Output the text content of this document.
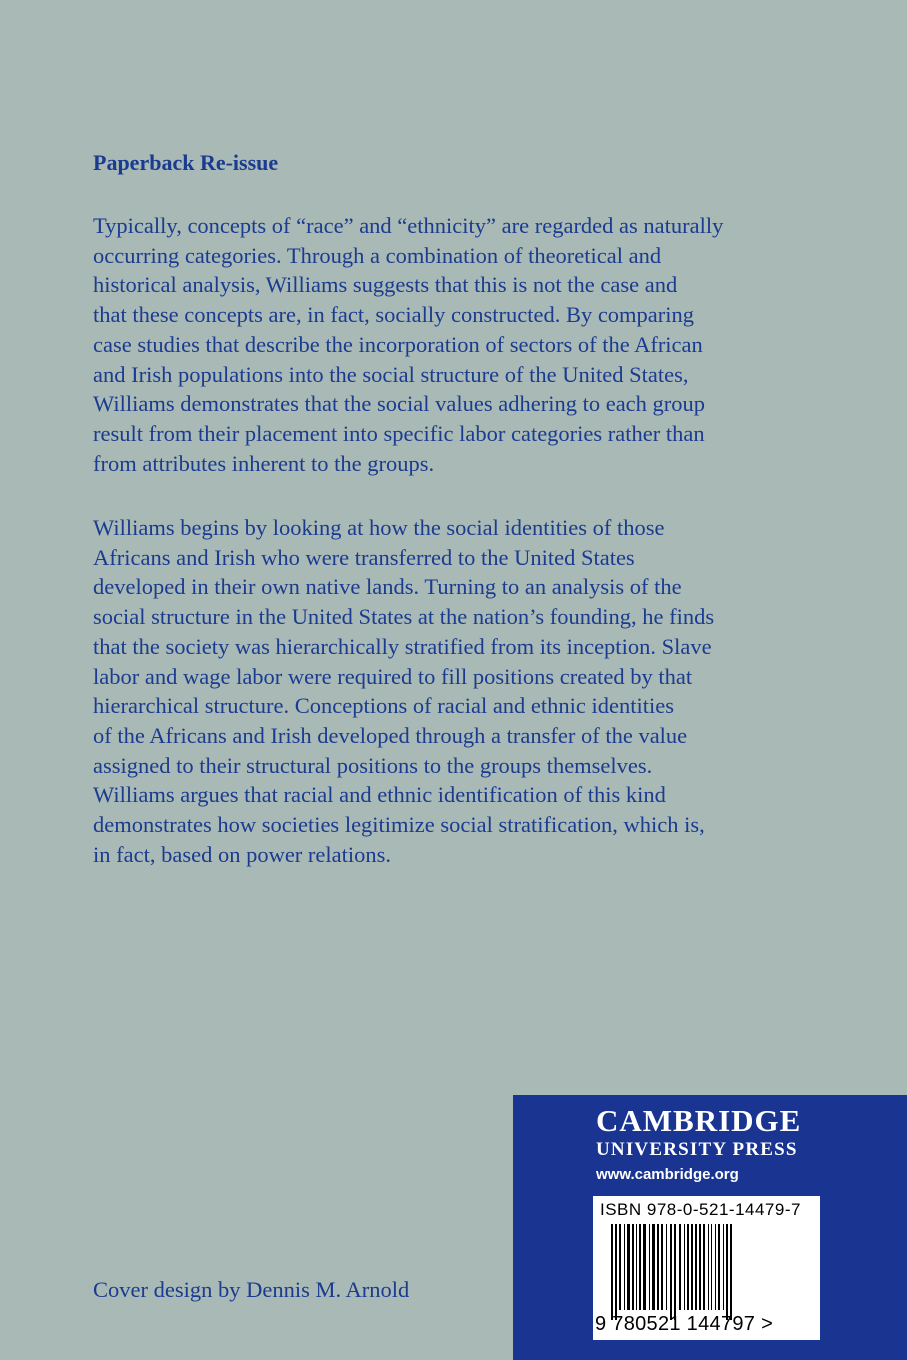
Paperback Re-issue

Typically, concepts of “race” and “ethnicity” are regarded as naturally
occurring categories. Through a combination of theoretical and
historical analysis, Williams suggests that this is not the case and
that these concepts are, in fact, socially constructed. By comparing
case studies that describe the incorporation of sectors of the African
and Irish populations into the social structure of the United States,
Williams demonstrates that the social values adhering to each group
result from their placement into specific labor categories rather than
from attributes inherent to the groups.

Williams begins by looking at how the social identities of those
Africans and Irish who were transferred to the United States
developed in their own native lands. Turning to an analysis of the
social structure in the United States at the nation’s founding, he finds
that the society was hierarchically stratified from its inception. Slave
labor and wage labor were required to fill positions created by that
hierarchical structure. Conceptions of racial and ethnic identities
of the Africans and Irish developed through a transfer of the value
assigned to their structural positions to the groups themselves.
Williams argues that racial and ethnic identification of this kind
demonstrates how societies legitimize social stratification, which is,
in fact, based on power relations.

Cover design by Dennis M. Arnold
CAMBRIDGE
UNIVERSITY PRESS
www.cambridge.org
ISBN 978-0-521-14479-7
9 780521 144797 >
